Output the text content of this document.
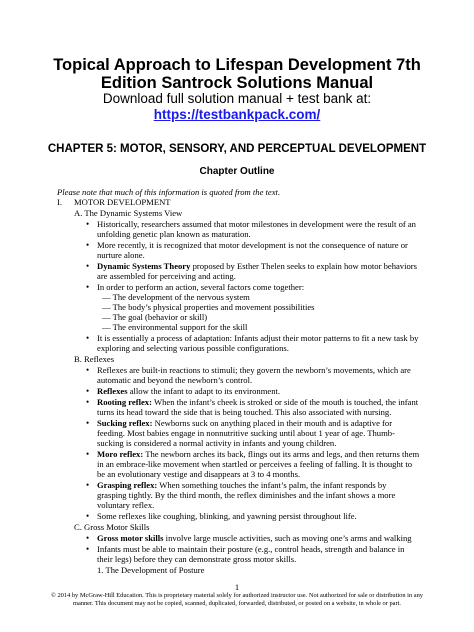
Topical Approach to Lifespan Development 7th
Edition Santrock Solutions Manual
Download full solution manual + test bank at:
https://testbankpack.com/
CHAPTER 5: MOTOR, SENSORY, AND PERCEPTUAL DEVELOPMENT
Chapter Outline
Please note that much of this information is quoted from the text.
I. MOTOR DEVELOPMENT
A. The Dynamic Systems View
• Historically, researchers assumed that motor milestones in development were the result of an
unfolding genetic plan known as maturation.
• More recently, it is recognized that motor development is not the consequence of nature or
nurture alone.
• Dynamic Systems Theory proposed by Esther Thelen seeks to explain how motor behaviors
are assembled for perceiving and acting.
• In order to perform an action, several factors come together:
— The development of the nervous system
— The body’s physical properties and movement possibilities
— The goal (behavior or skill)
— The environmental support for the skill
• It is essentially a process of adaptation: Infants adjust their motor patterns to fit a new task by
exploring and selecting various possible configurations.
B. Reflexes
• Reflexes are built-in reactions to stimuli; they govern the newborn’s movements, which are
automatic and beyond the newborn’s control.
• Reflexes allow the infant to adapt to its environment.
• Rooting reflex: When the infant’s cheek is stroked or side of the mouth is touched, the infant
turns its head toward the side that is being touched. This also associated with nursing.
• Sucking reflex: Newborns suck on anything placed in their mouth and is adaptive for
feeding. Most babies engage in nonnutritive sucking until about 1 year of age. Thumb-
sucking is considered a normal activity in infants and young children.
• Moro reflex: The newborn arches its back, flings out its arms and legs, and then returns them
in an embrace-like movement when startled or perceives a feeling of falling. It is thought to
be an evolutionary vestige and disappears at 3 to 4 months.
• Grasping reflex: When something touches the infant’s palm, the infant responds by
grasping tightly. By the third month, the reflex diminishes and the infant shows a more
voluntary reflex.
• Some reflexes like coughing, blinking, and yawning persist throughout life.
C. Gross Motor Skills
• Gross motor skills involve large muscle activities, such as moving one’s arms and walking
• Infants must be able to maintain their posture (e.g., control heads, strength and balance in
their legs) before they can demonstrate gross motor skills.
1. The Development of Posture
1
© 2014 by McGraw-Hill Education. This is proprietary material solely for authorized instructor use. Not authorized for sale or distribution in any
manner. This document may not be copied, scanned, duplicated, forwarded, distributed, or posted on a website, in whole or part.
